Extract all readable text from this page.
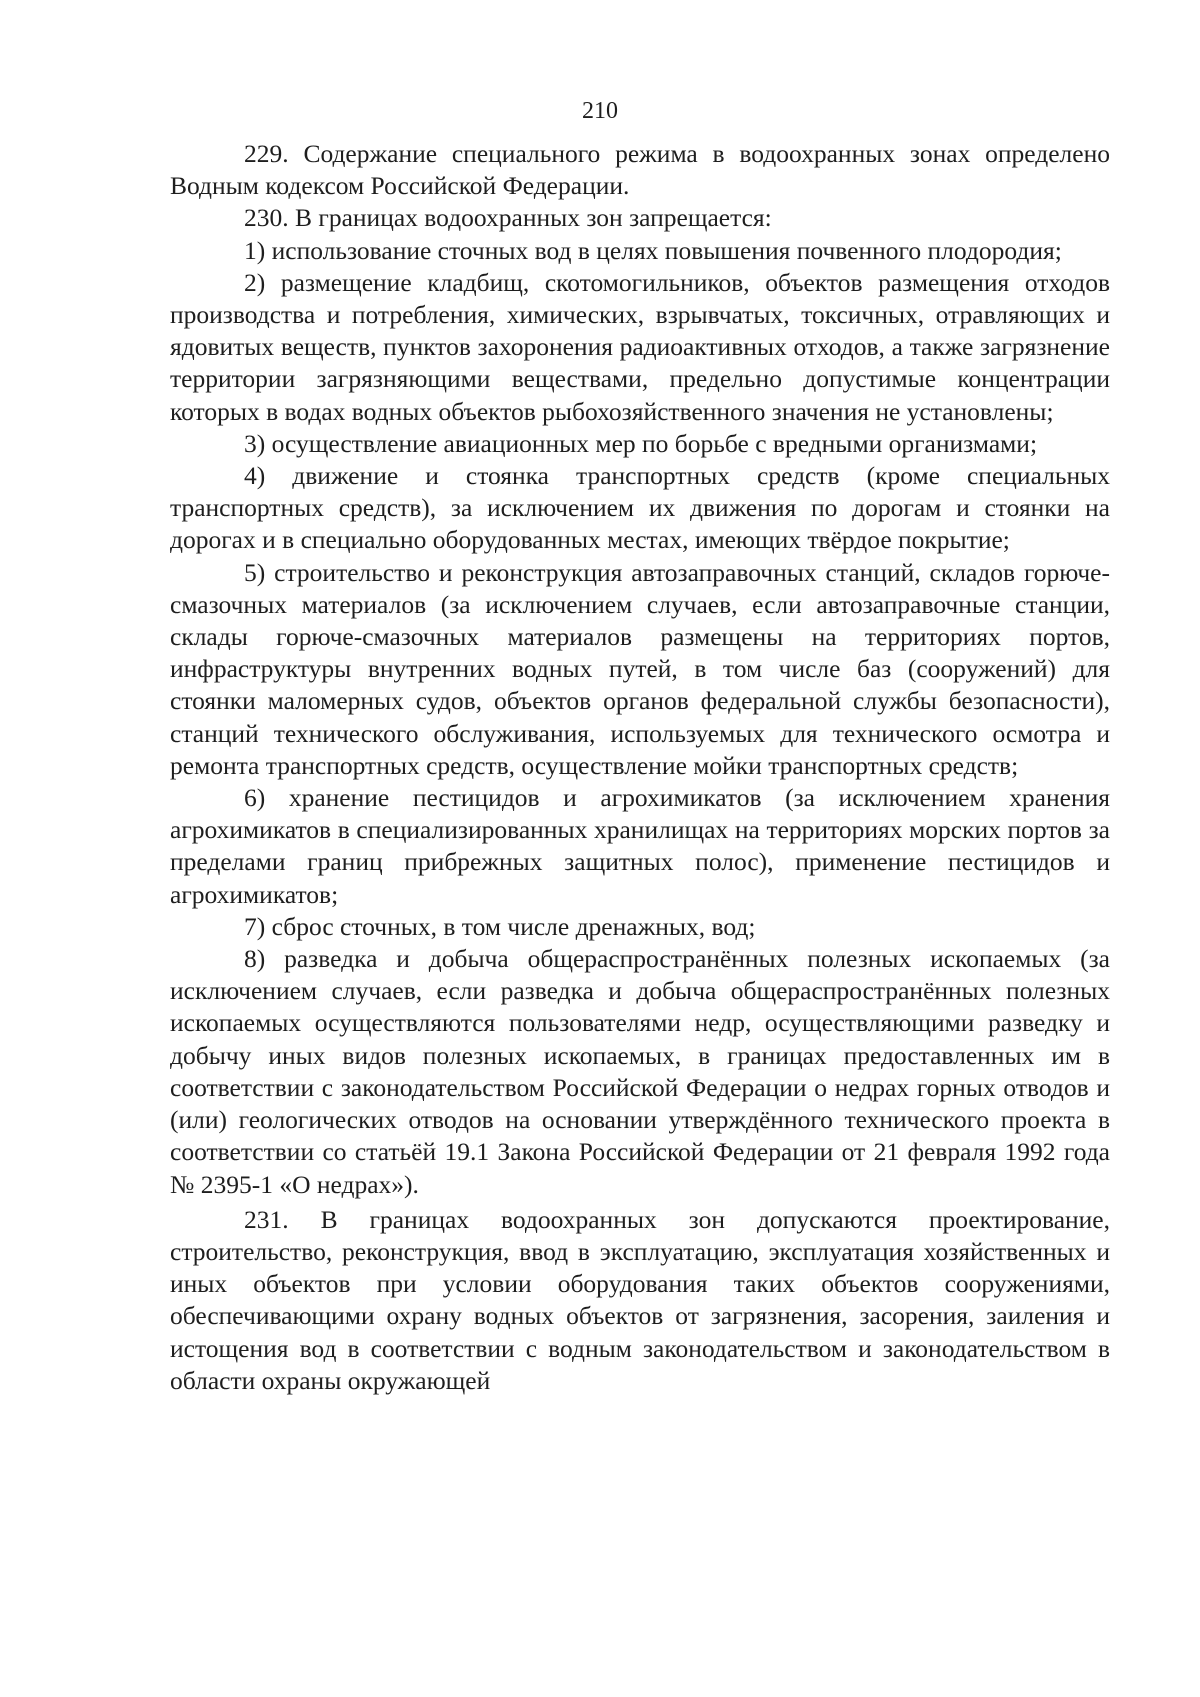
210

229. Содержание специального режима в водоохранных зонах определено Водным кодексом Российской Федерации.

230. В границах водоохранных зон запрещается:

1) использование сточных вод в целях повышения почвенного плодородия;

2) размещение кладбищ, скотомогильников, объектов размещения отходов производства и потребления, химических, взрывчатых, токсичных, отравляющих и ядовитых веществ, пунктов захоронения радиоактивных отходов, а также загрязнение территории загрязняющими веществами, предельно допустимые концентрации которых в водах водных объектов рыбохозяйственного значения не установлены;

3) осуществление авиационных мер по борьбе с вредными организмами;

4) движение и стоянка транспортных средств (кроме специальных транспортных средств), за исключением их движения по дорогам и стоянки на дорогах и в специально оборудованных местах, имеющих твёрдое покрытие;

5) строительство и реконструкция автозаправочных станций, складов горюче-смазочных материалов (за исключением случаев, если автозаправочные станции, склады горюче-смазочных материалов размещены на территориях портов, инфраструктуры внутренних водных путей, в том числе баз (сооружений) для стоянки маломерных судов, объектов органов федеральной службы безопасности), станций технического обслуживания, используемых для технического осмотра и ремонта транспортных средств, осуществление мойки транспортных средств;

6) хранение пестицидов и агрохимикатов (за исключением хранения агрохимикатов в специализированных хранилищах на территориях морских портов за пределами границ прибрежных защитных полос), применение пестицидов и агрохимикатов;

7) сброс сточных, в том числе дренажных, вод;

8) разведка и добыча общераспространённых полезных ископаемых (за исключением случаев, если разведка и добыча общераспространённых полезных ископаемых осуществляются пользователями недр, осуществляющими разведку и добычу иных видов полезных ископаемых, в границах предоставленных им в соответствии с законодательством Российской Федерации о недрах горных отводов и (или) геологических отводов на основании утверждённого технического проекта в соответствии со статьёй 19.1 Закона Российской Федерации от 21 февраля 1992 года № 2395-1 «О недрах»).

231. В границах водоохранных зон допускаются проектирование, строительство, реконструкция, ввод в эксплуатацию, эксплуатация хозяйственных и иных объектов при условии оборудования таких объектов сооружениями, обеспечивающими охрану водных объектов от загрязнения, засорения, заиления и истощения вод в соответствии с водным законодательством и законодательством в области охраны окружающей
